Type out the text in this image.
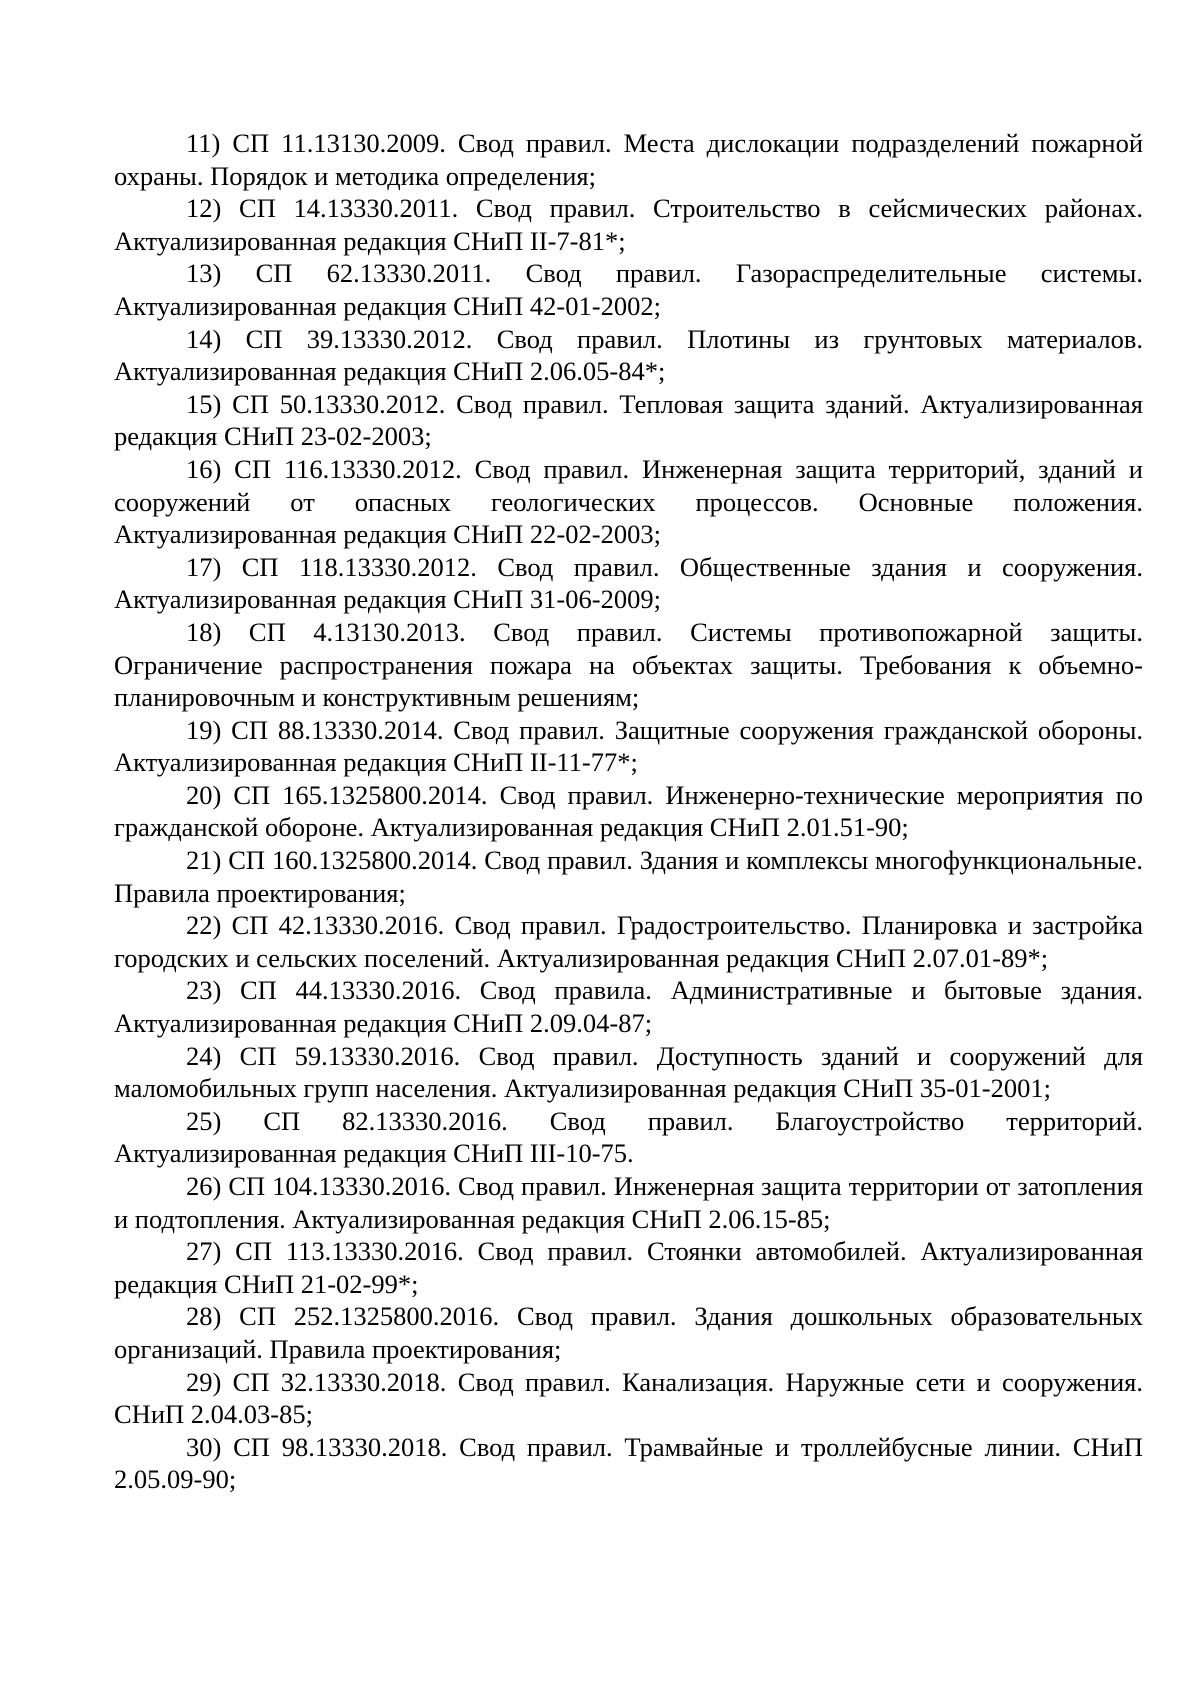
11) СП 11.13130.2009. Свод правил. Места дислокации подразделений пожарной охраны. Порядок и методика определения;

12) СП 14.13330.2011. Свод правил. Строительство в сейсмических районах. Актуализированная редакция СНиП II-7-81*;

13) СП 62.13330.2011. Свод правил. Газораспределительные системы. Актуализированная редакция СНиП 42-01-2002;

14) СП 39.13330.2012. Свод правил. Плотины из грунтовых материалов. Актуализированная редакция СНиП 2.06.05-84*;

15) СП 50.13330.2012. Свод правил. Тепловая защита зданий. Актуализированная редакция СНиП 23-02-2003;

16) СП 116.13330.2012. Свод правил. Инженерная защита территорий, зданий и сооружений от опасных геологических процессов. Основные положения. Актуализированная редакция СНиП 22-02-2003;

17) СП 118.13330.2012. Свод правил. Общественные здания и сооружения. Актуализированная редакция СНиП 31-06-2009;

18) СП 4.13130.2013. Свод правил. Системы противопожарной защиты. Ограничение распространения пожара на объектах защиты. Требования к объемно-планировочным и конструктивным решениям;

19) СП 88.13330.2014. Свод правил. Защитные сооружения гражданской обороны. Актуализированная редакция СНиП II-11-77*;

20) СП 165.1325800.2014. Свод правил. Инженерно-технические мероприятия по гражданской обороне. Актуализированная редакция СНиП 2.01.51-90;

21) СП 160.1325800.2014. Свод правил. Здания и комплексы многофункциональные. Правила проектирования;

22) СП 42.13330.2016. Свод правил. Градостроительство. Планировка и застройка городских и сельских поселений. Актуализированная редакция СНиП 2.07.01-89*;

23) СП 44.13330.2016. Свод правила. Административные и бытовые здания. Актуализированная редакция СНиП 2.09.04-87;

24) СП 59.13330.2016. Свод правил. Доступность зданий и сооружений для маломобильных групп населения. Актуализированная редакция СНиП 35-01-2001;

25) СП 82.13330.2016. Свод правил. Благоустройство территорий. Актуализированная редакция СНиП III-10-75.

26) СП 104.13330.2016. Свод правил. Инженерная защита территории от затопления и подтопления. Актуализированная редакция СНиП 2.06.15-85;

27) СП 113.13330.2016. Свод правил. Стоянки автомобилей. Актуализированная редакция СНиП 21-02-99*;

28) СП 252.1325800.2016. Свод правил. Здания дошкольных образовательных организаций. Правила проектирования;

29) СП 32.13330.2018. Свод правил. Канализация. Наружные сети и сооружения. СНиП 2.04.03-85;

30) СП 98.13330.2018. Свод правил. Трамвайные и троллейбусные линии. СНиП 2.05.09-90;
